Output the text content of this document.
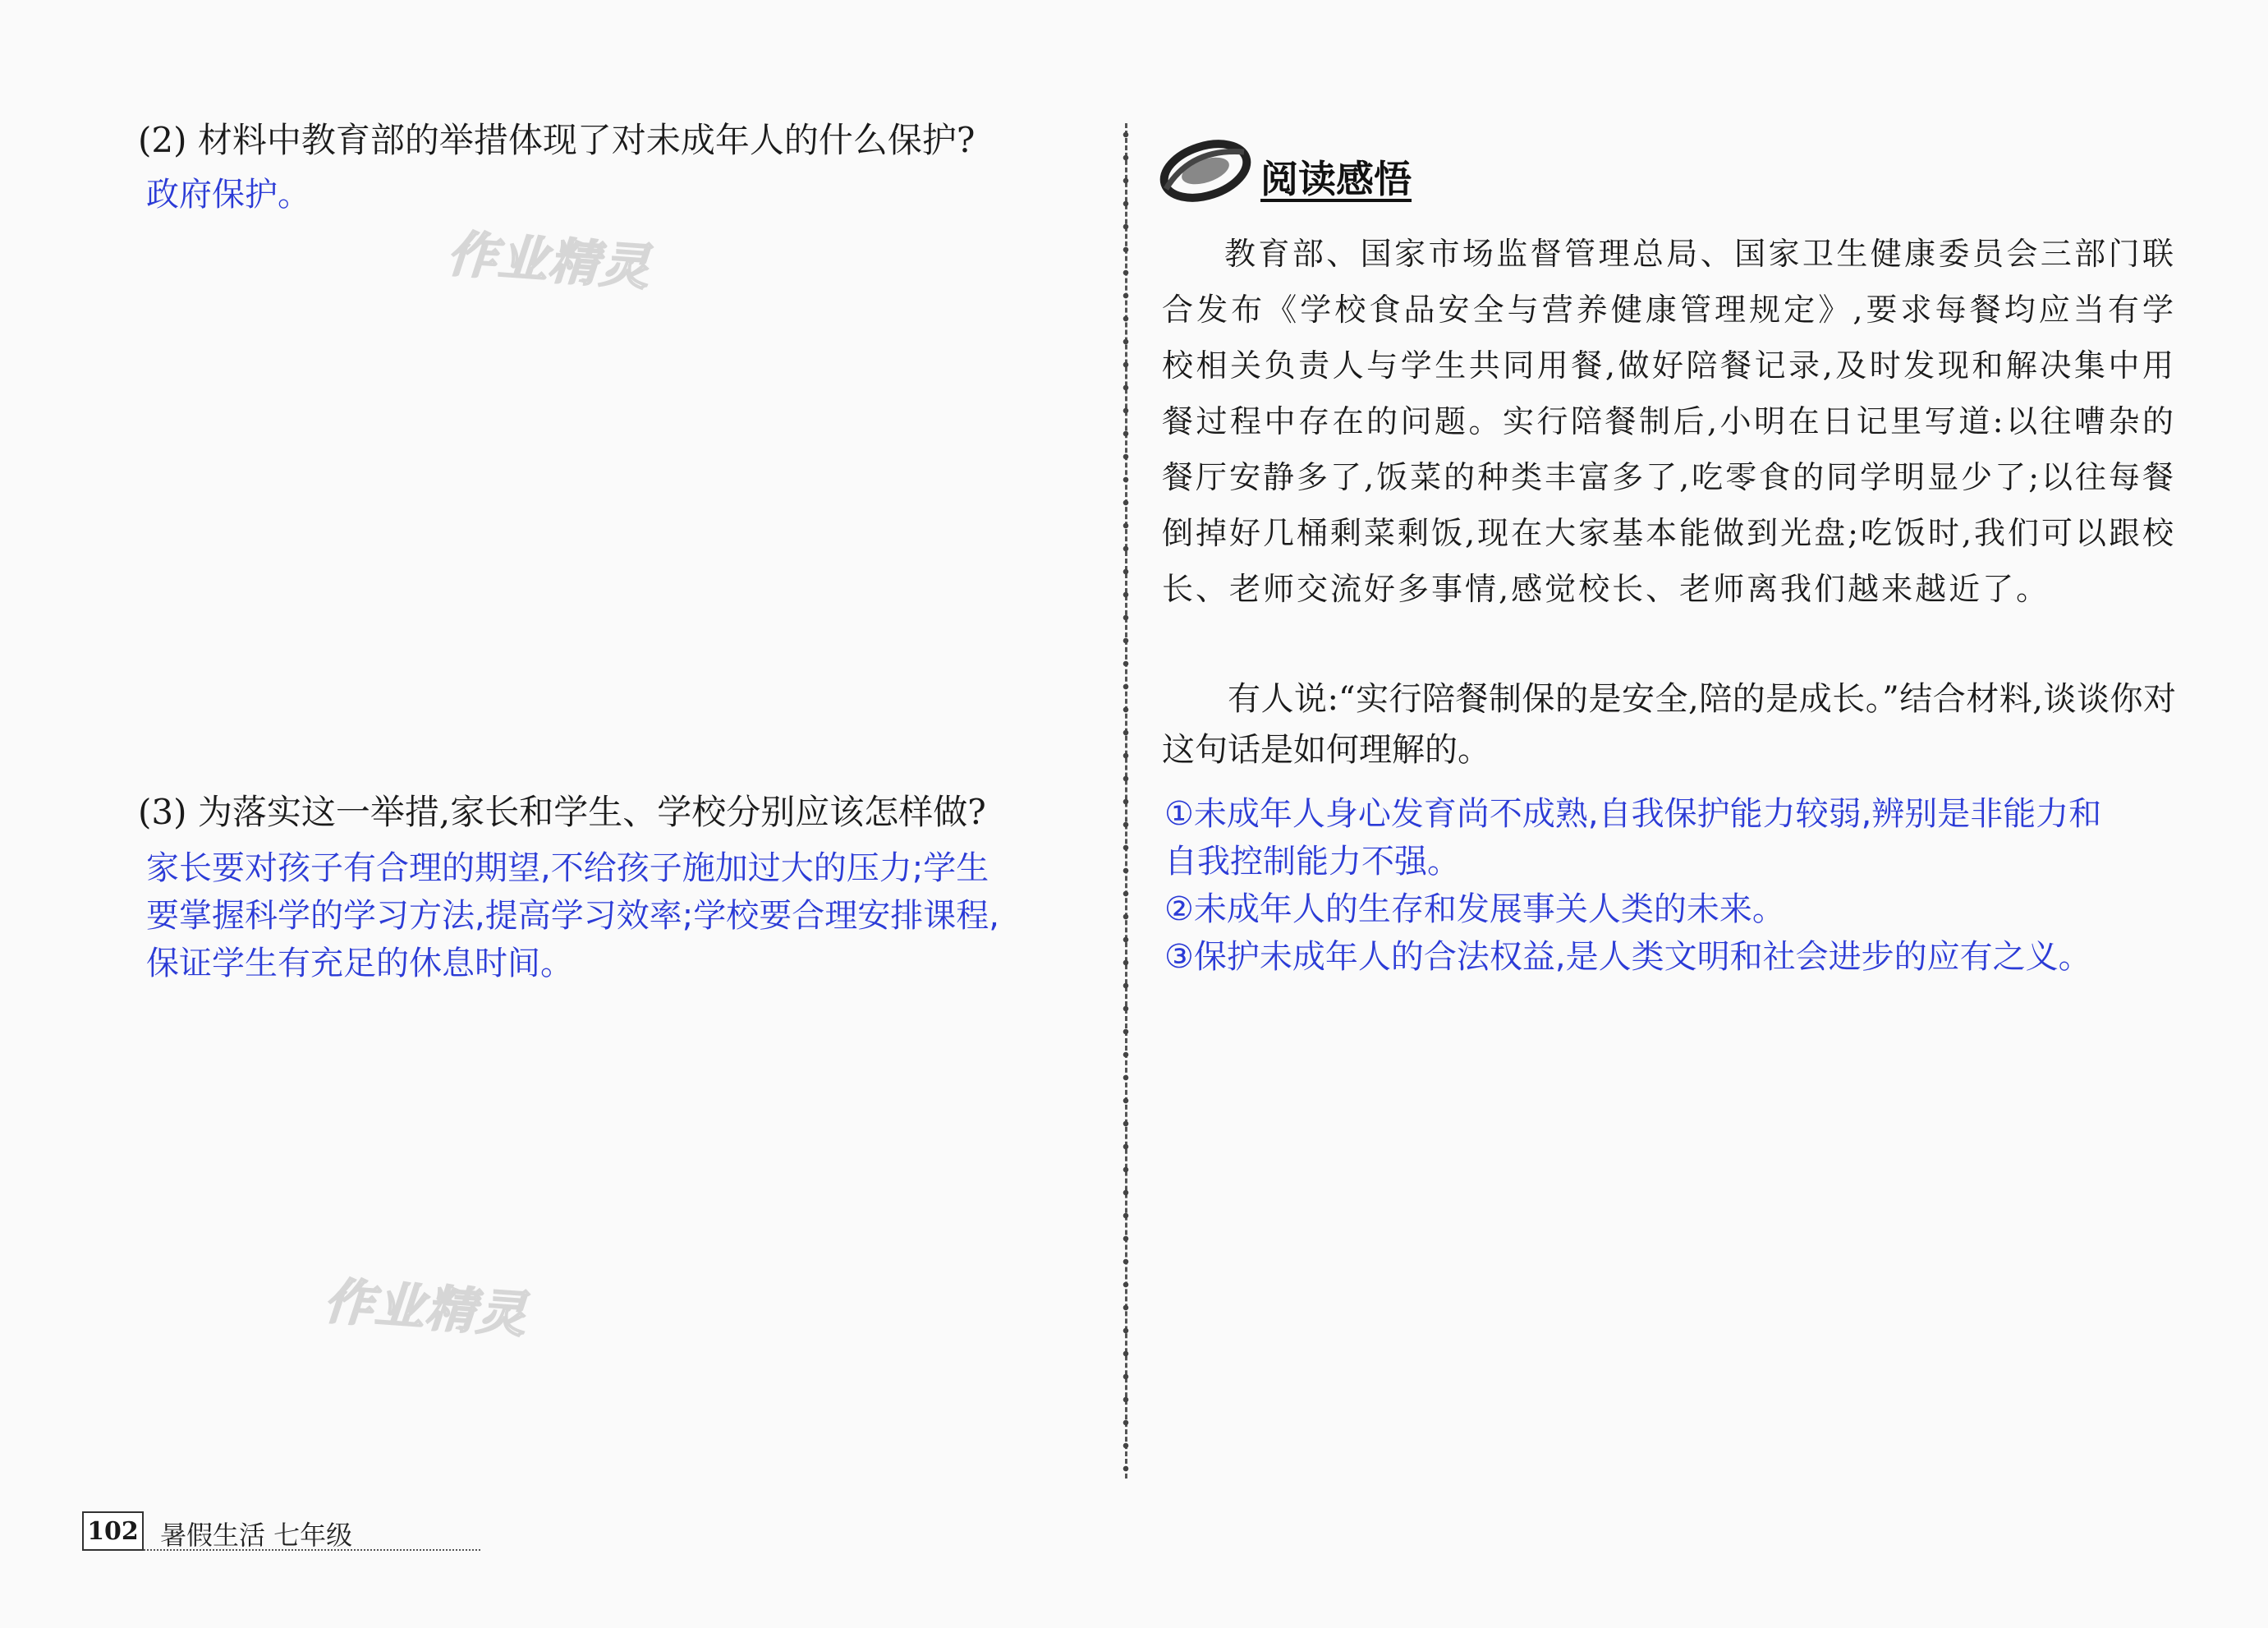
(2) 材料中教育部的举措体现了对未成年人的什么保护?

政府保护。

作业精灵
(3) 为落实这一举措,家长和学生、学校分别应该怎样做?

家长要对孩子有合理的期望,不给孩子施加过大的压力;学生

要掌握科学的学习方法,提高学习效率;学校要合理安排课程,

保证学生有充足的休息时间。

作业精灵
阅读感悟

教育部、国家市场监督管理总局、国家卫生健康委员会三部门联合发布《学校食品安全与营养健康管理规定》,要求每餐均应当有学校相关负责人与学生共同用餐,做好陪餐记录,及时发现和解决集中用餐过程中存在的问题。实行陪餐制后,小明在日记里写道:以往嘈杂的餐厅安静多了,饭菜的种类丰富多了,吃零食的同学明显少了;以往每餐倒掉好几桶剩菜剩饭,现在大家基本能做到光盘;吃饭时,我们可以跟校长、老师交流好多事情,感觉校长、老师离我们越来越近了。

有人说:“实行陪餐制保的是安全,陪的是成长。”结合材料,谈谈你对这句话是如何理解的。

①未成年人身心发育尚不成熟,自我保护能力较弱,辨别是非能力和

自我控制能力不强。

②未成年人的生存和发展事关人类的未来。

③保护未成年人的合法权益,是人类文明和社会进步的应有之义。

102 暑假生活 七年级
